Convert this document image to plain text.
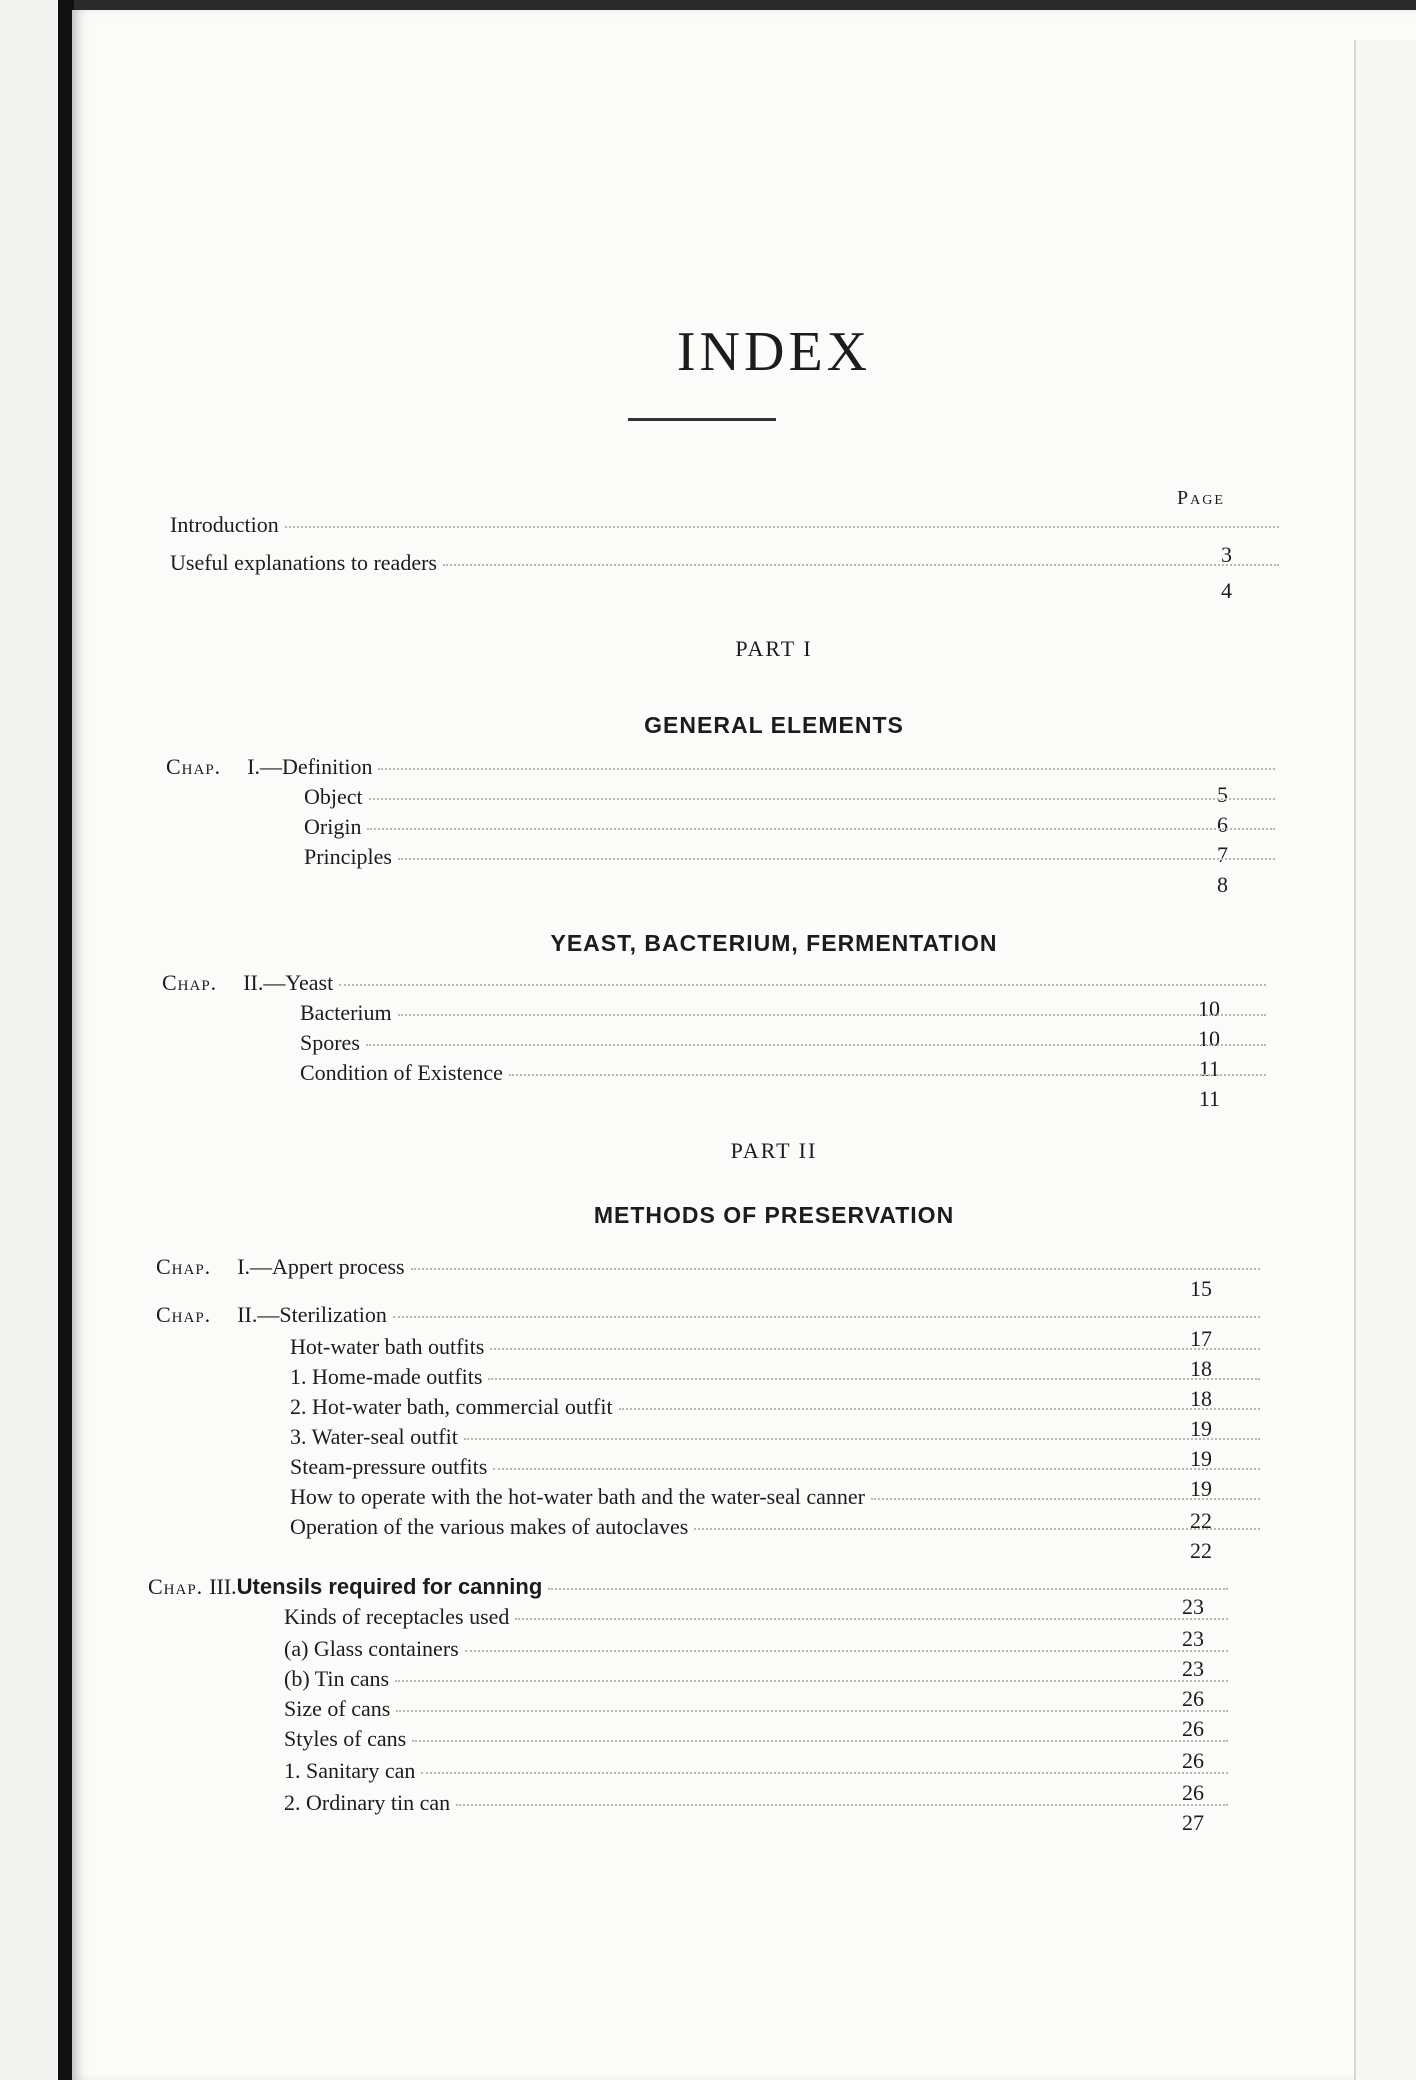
INDEX
Page
Introduction
3
Useful explanations to readers
4
PART I
GENERAL ELEMENTS
Chap. I.—Definition
5
Object
6
Origin
7
Principles
8
YEAST, BACTERIUM, FERMENTATION
Chap. II.—Yeast
10
Bacterium
10
Spores
11
Condition of Existence
11
PART II
METHODS OF PRESERVATION
Chap. I.—Appert process
15
Chap. II.—Sterilization
17
Hot-water bath outfits
18
1. Home-made outfits
18
2. Hot-water bath, commercial outfit
19
3. Water-seal outfit
19
Steam-pressure outfits
19
How to operate with the hot-water bath and the water-seal canner
22
Operation of the various makes of autoclaves
22
Chap. III.Utensils required for canning
23
Kinds of receptacles used
23
(a) Glass containers
23
(b) Tin cans
26
Size of cans
26
Styles of cans
26
1. Sanitary can
26
2. Ordinary tin can
27
